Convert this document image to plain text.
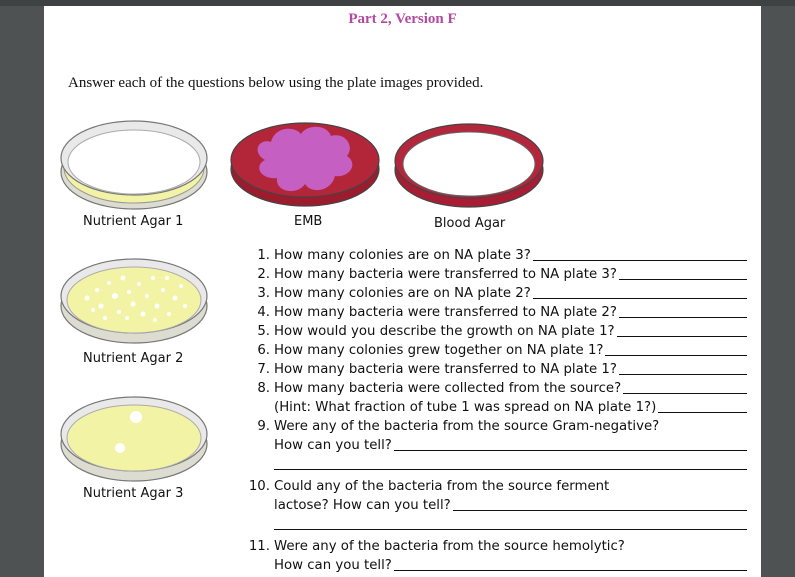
Part 2, Version F
Answer each of the questions below using the plate images provided.
Nutrient Agar 1	EMB	Blood Agar
Nutrient Agar 2
Nutrient Agar 3
1. How many colonies are on NA plate 3?
2. How many bacteria were transferred to NA plate 3?
3. How many colonies are on NA plate 2?
4. How many bacteria were transferred to NA plate 2?
5. How would you describe the growth on NA plate 1?
6. How many colonies grew together on NA plate 1?
7. How many bacteria were transferred to NA plate 1?
8. How many bacteria were collected from the source?
(Hint: What fraction of tube 1 was spread on NA plate 1?)
9. Were any of the bacteria from the source Gram-negative?
How can you tell?
10. Could any of the bacteria from the source ferment
lactose? How can you tell?
11. Were any of the bacteria from the source hemolytic?
How can you tell?
